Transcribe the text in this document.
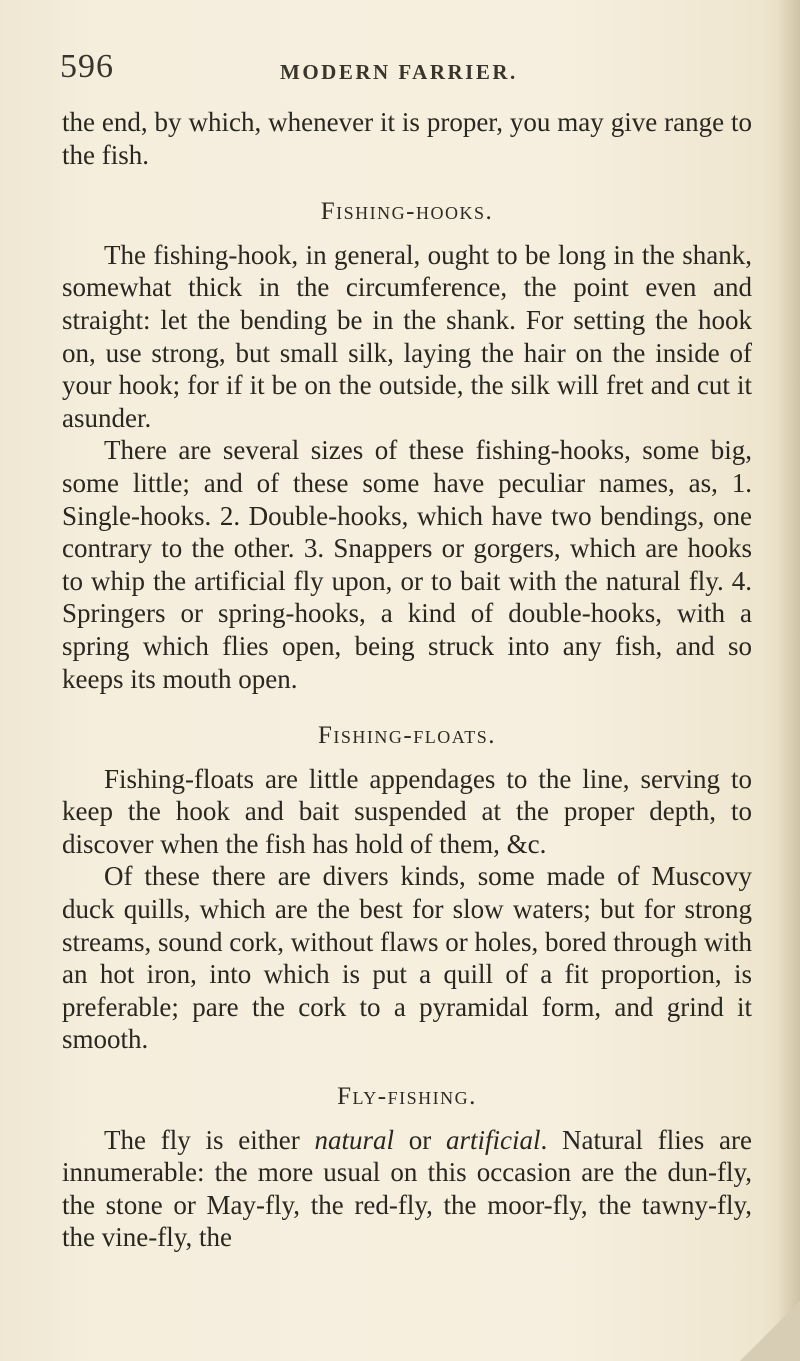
596	MODERN FARRIER.

the end, by which, whenever it is proper, you may give range to the fish.

Fishing-hooks.

The fishing-hook, in general, ought to be long in the shank, somewhat thick in the circumference, the point even and straight: let the bending be in the shank. For setting the hook on, use strong, but small silk, laying the hair on the inside of your hook; for if it be on the outside, the silk will fret and cut it asunder.

There are several sizes of these fishing-hooks, some big, some little; and of these some have peculiar names, as, 1. Single-hooks. 2. Double-hooks, which have two bendings, one contrary to the other. 3. Snappers or gorgers, which are hooks to whip the artificial fly upon, or to bait with the natural fly. 4. Springers or spring-hooks, a kind of double-hooks, with a spring which flies open, being struck into any fish, and so keeps its mouth open.

Fishing-floats.

Fishing-floats are little appendages to the line, serving to keep the hook and bait suspended at the proper depth, to discover when the fish has hold of them, &c.

Of these there are divers kinds, some made of Muscovy duck quills, which are the best for slow waters; but for strong streams, sound cork, without flaws or holes, bored through with an hot iron, into which is put a quill of a fit proportion, is preferable; pare the cork to a pyramidal form, and grind it smooth.

Fly-fishing.

The fly is either natural or artificial. Natural flies are innumerable: the more usual on this occasion are the dun-fly, the stone or May-fly, the red-fly, the moor-fly, the tawny-fly, the vine-fly, the
